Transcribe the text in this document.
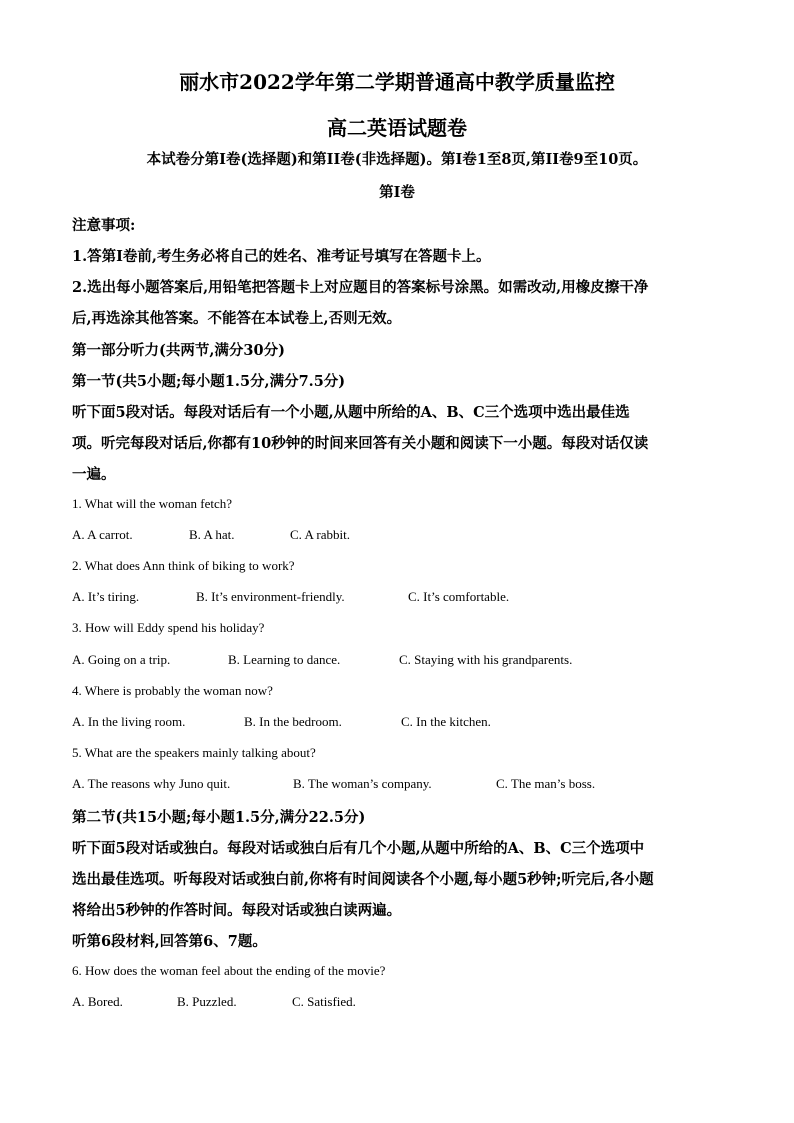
丽水市2022学年第二学期普通高中教学质量监控
高二英语试题卷
本试卷分第I卷(选择题)和第II卷(非选择题)。第I卷1至8页,第II卷9至10页。
第I卷
注意事项:
1.答第I卷前,考生务必将自己的姓名、准考证号填写在答题卡上。
2.选出每小题答案后,用铅笔把答题卡上对应题目的答案标号涂黑。如需改动,用橡皮擦干净
后,再选涂其他答案。不能答在本试卷上,否则无效。
第一部分听力(共两节,满分30分)
第一节(共5小题;每小题1.5分,满分7.5分)
听下面5段对话。每段对话后有一个小题,从题中所给的A、B、C三个选项中选出最佳选
项。听完每段对话后,你都有10秒钟的时间来回答有关小题和阅读下一小题。每段对话仅读
一遍。
1. What will the woman fetch?
A. A carrot.	B. A hat.	C. A rabbit.
2. What does Ann think of biking to work?
A. It’s tiring.	B. It’s environment-friendly.	C. It’s comfortable.
3. How will Eddy spend his holiday?
A. Going on a trip.	B. Learning to dance.	C. Staying with his grandparents.
4. Where is probably the woman now?
A. In the living room.	B. In the bedroom.	C. In the kitchen.
5. What are the speakers mainly talking about?
A. The reasons why Juno quit.	B. The woman’s company.	C. The man’s boss.
第二节(共15小题;每小题1.5分,满分22.5分)
听下面5段对话或独白。每段对话或独白后有几个小题,从题中所给的A、B、C三个选项中
选出最佳选项。听每段对话或独白前,你将有时间阅读各个小题,每小题5秒钟;听完后,各小题
将给出5秒钟的作答时间。每段对话或独白读两遍。
听第6段材料,回答第6、7题。
6. How does the woman feel about the ending of the movie?
A. Bored.	B. Puzzled.	C. Satisfied.
